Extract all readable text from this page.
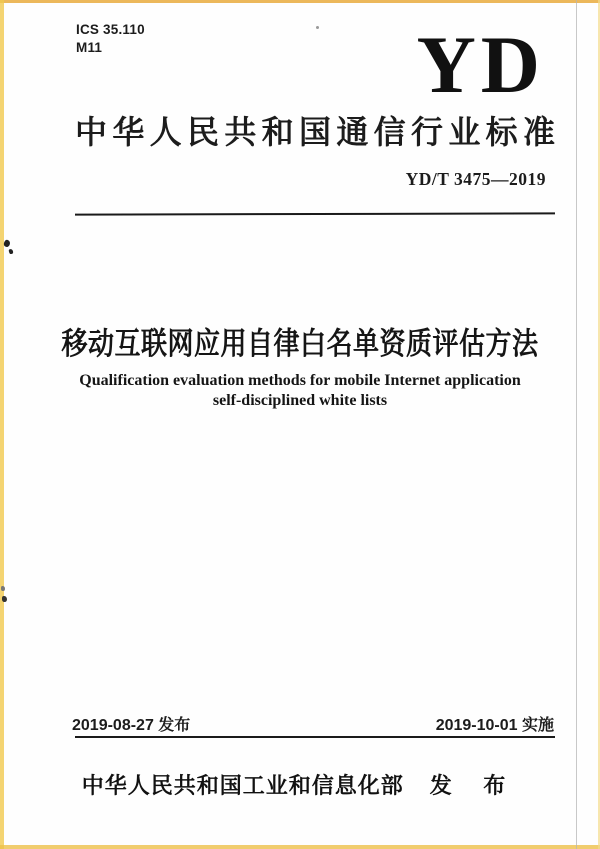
ICS 35.110
M11	YD
中华人民共和国通信行业标准
YD/T 3475—2019
移动互联网应用自律白名单资质评估方法
Qualification evaluation methods for mobile Internet application
self-disciplined white lists
2019-08-27 发布	2019-10-01 实施
中华人民共和国工业和信息化部 发 布
